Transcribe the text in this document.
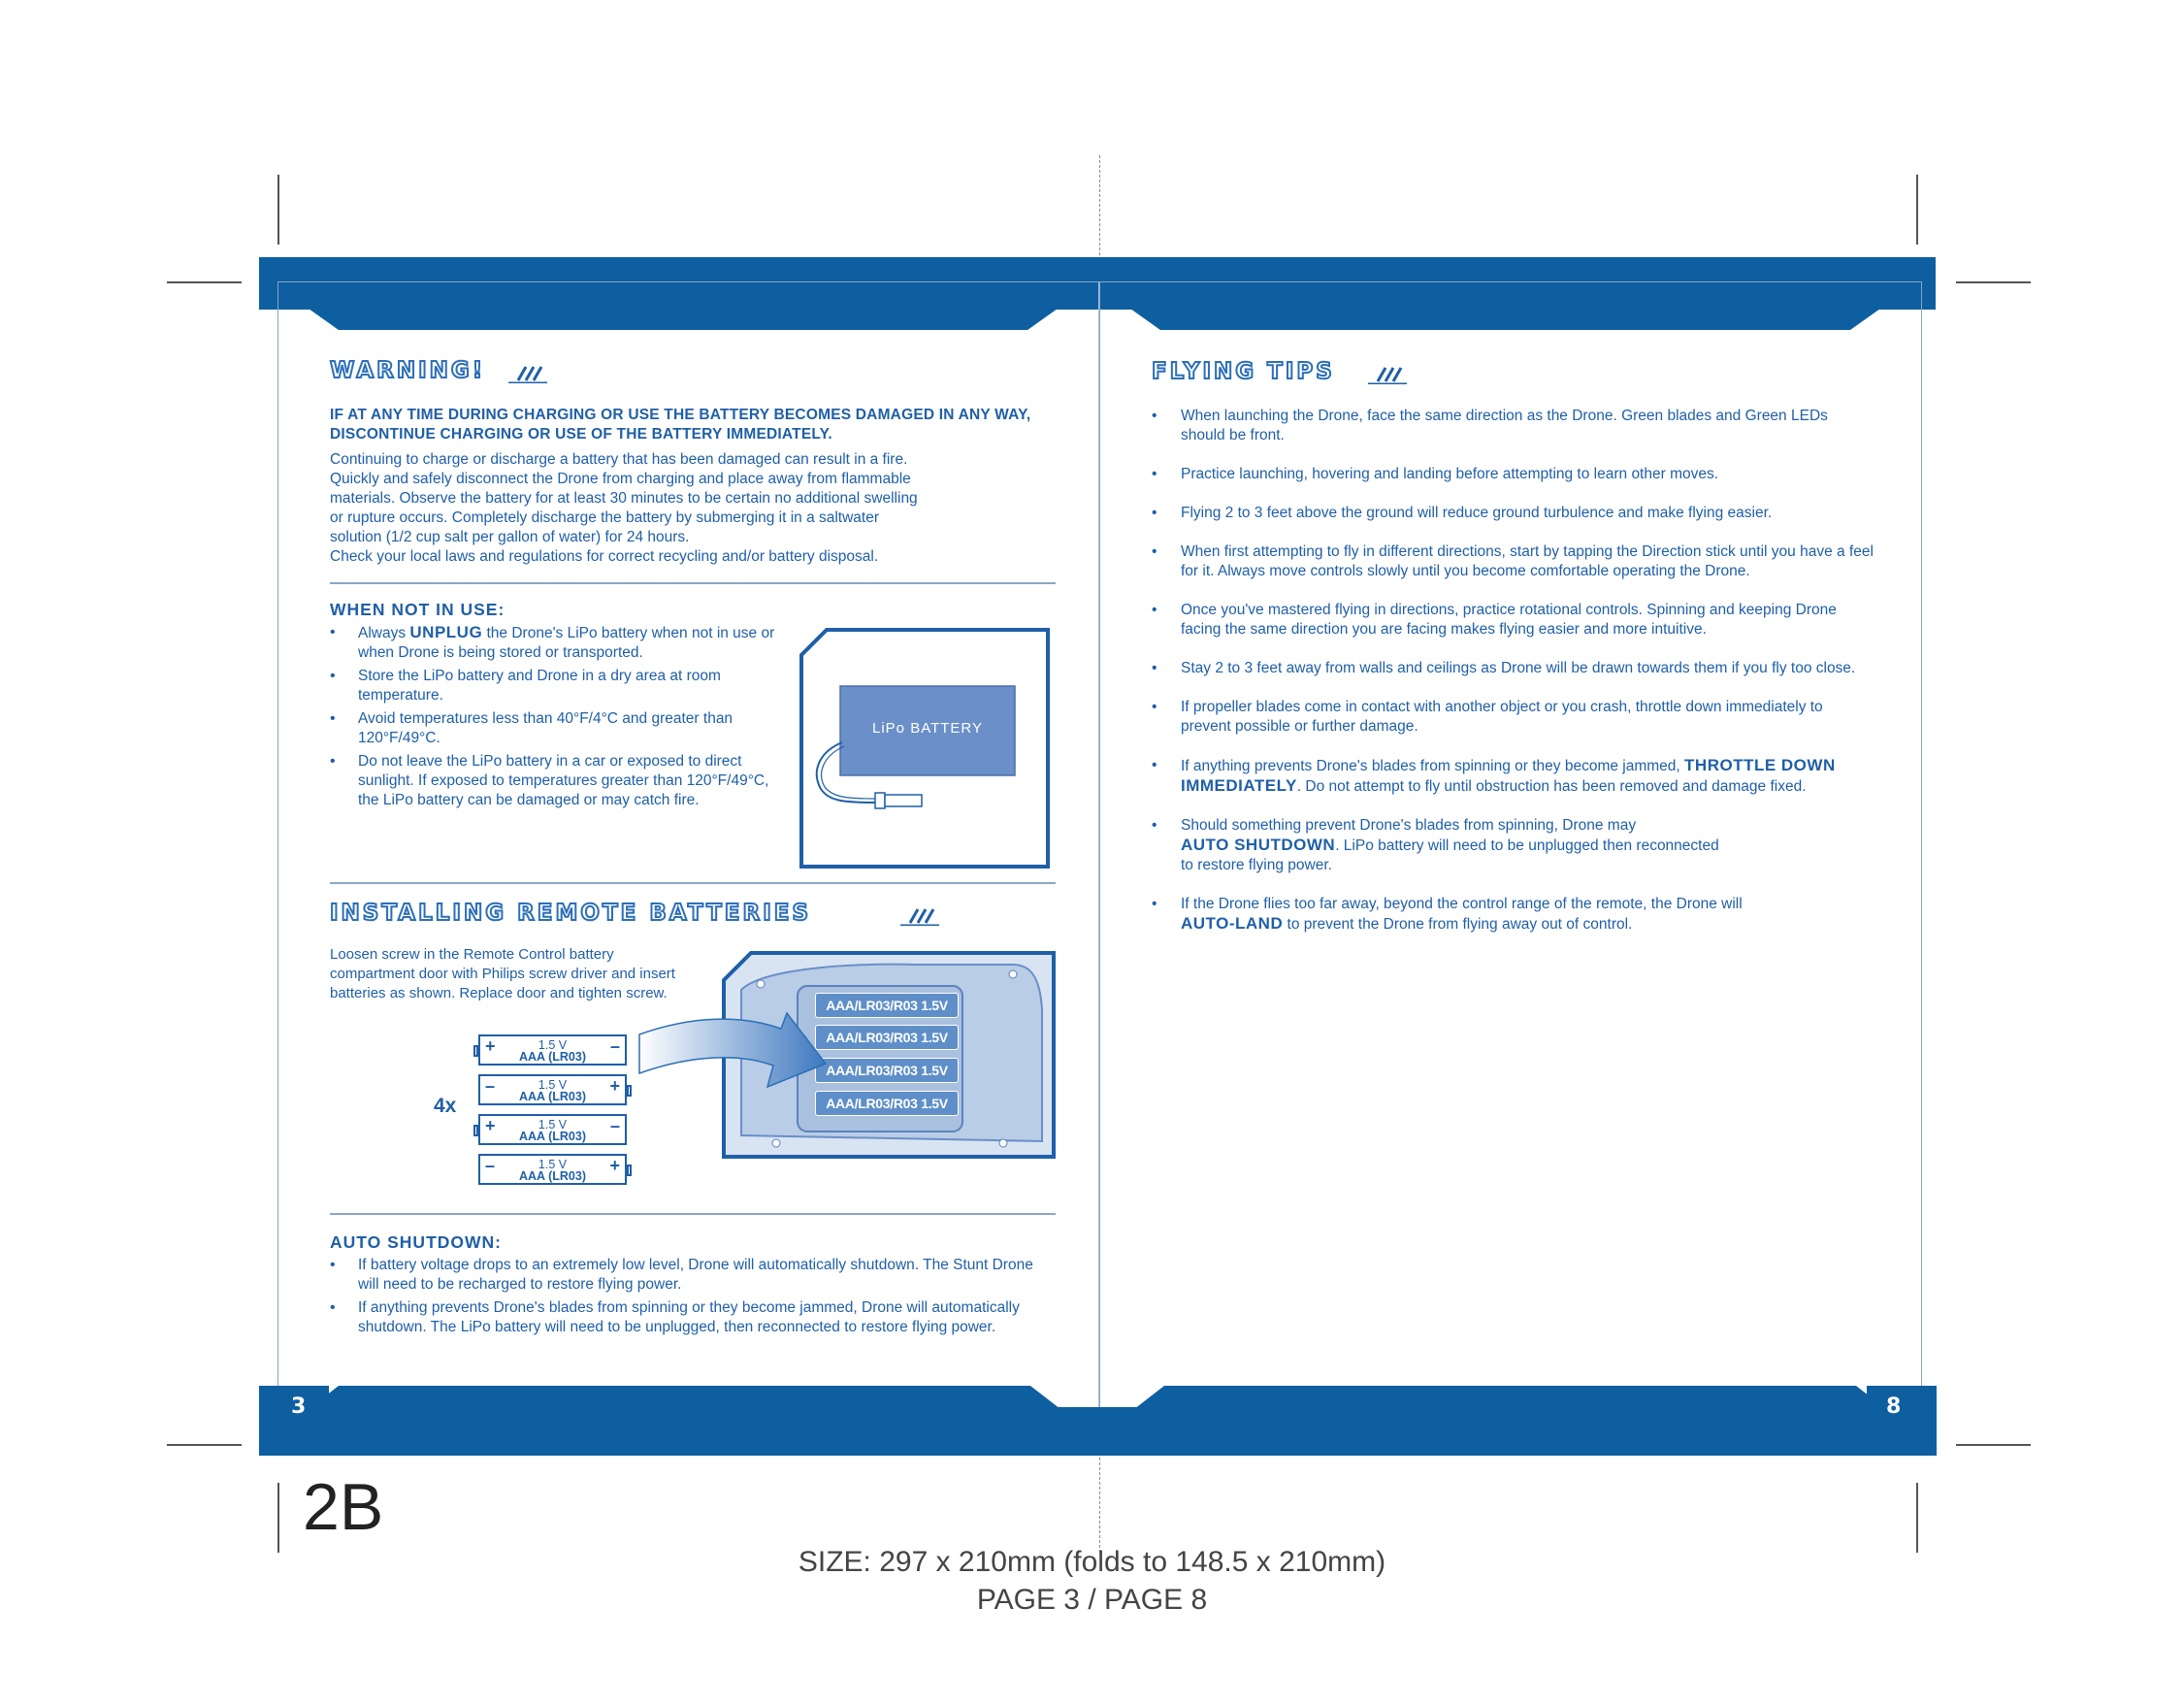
3	8
WARNING!
IF AT ANY TIME DURING CHARGING OR USE THE BATTERY BECOMES DAMAGED IN ANY WAY,
DISCONTINUE CHARGING OR USE OF THE BATTERY IMMEDIATELY.
Continuing to charge or discharge a battery that has been damaged can result in a fire.
Quickly and safely disconnect the Drone from charging and place away from flammable
materials. Observe the battery for at least 30 minutes to be certain no additional swelling
or rupture occurs. Completely discharge the battery by submerging it in a saltwater
solution (1/2 cup salt per gallon of water) for 24 hours.
Check your local laws and regulations for correct recycling and/or battery disposal.
WHEN NOT IN USE:
• Always UNPLUG the Drone's LiPo battery when not in use or when Drone is being stored or transported.
• Store the LiPo battery and Drone in a dry area at room temperature.
• Avoid temperatures less than 40°F/4°C and greater than 120°F/49°C.
• Do not leave the LiPo battery in a car or exposed to direct sunlight. If exposed to temperatures greater than 120°F/49°C, the LiPo battery can be damaged or may catch fire.
LiPo BATTERY
INSTALLING REMOTE BATTERIES
Loosen screw in the Remote Control battery compartment door with Philips screw driver and insert batteries as shown. Replace door and tighten screw.
4x
+	1.5 V
AAA (LR03)
–
–	1.5 V
AAA (LR03)
+
+	1.5 V
AAA (LR03)
–
–	1.5 V
AAA (LR03)
+
AAA/LR03/R03 1.5V
AAA/LR03/R03 1.5V
AAA/LR03/R03 1.5V
AAA/LR03/R03 1.5V
AUTO SHUTDOWN:
• If battery voltage drops to an extremely low level, Drone will automatically shutdown. The Stunt Drone will need to be recharged to restore flying power.
• If anything prevents Drone's blades from spinning or they become jammed, Drone will automatically shutdown. The LiPo battery will need to be unplugged, then reconnected to restore flying power.
FLYING TIPS
• When launching the Drone, face the same direction as the Drone. Green blades and Green LEDs should be front.
• Practice launching, hovering and landing before attempting to learn other moves.
• Flying 2 to 3 feet above the ground will reduce ground turbulence and make flying easier.
• When first attempting to fly in different directions, start by tapping the Direction stick until you have a feel for it. Always move controls slowly until you become comfortable operating the Drone.
• Once you've mastered flying in directions, practice rotational controls. Spinning and keeping Drone facing the same direction you are facing makes flying easier and more intuitive.
• Stay 2 to 3 feet away from walls and ceilings as Drone will be drawn towards them if you fly too close.
• If propeller blades come in contact with another object or you crash, throttle down immediately to prevent possible or further damage.
• If anything prevents Drone's blades from spinning or they become jammed, THROTTLE DOWN IMMEDIATELY. Do not attempt to fly until obstruction has been removed and damage fixed.
• Should something prevent Drone's blades from spinning, Drone may
AUTO SHUTDOWN. LiPo battery will need to be unplugged then reconnected
to restore flying power.
• If the Drone flies too far away, beyond the control range of the remote, the Drone will
AUTO-LAND to prevent the Drone from flying away out of control.
2B
SIZE: 297 x 210mm (folds to 148.5 x 210mm)
PAGE 3 / PAGE 8
